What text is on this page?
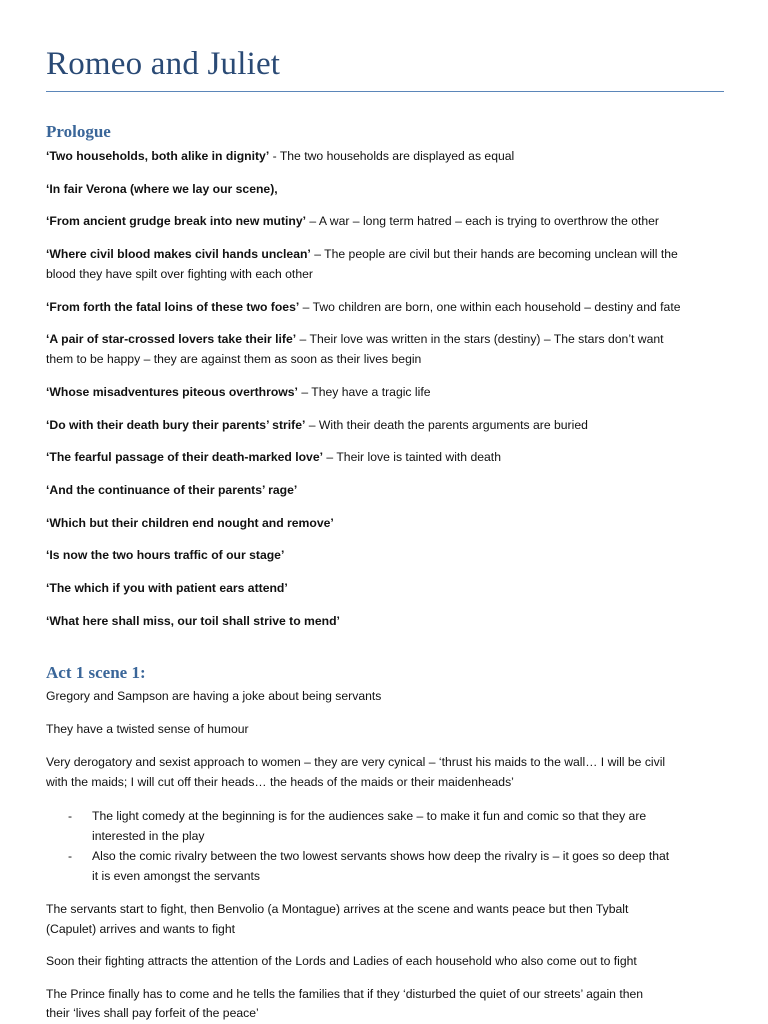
Romeo and Juliet
Prologue
‘Two households, both alike in dignity’ - The two households are displayed as equal
‘In fair Verona (where we lay our scene),
‘From ancient grudge break into new mutiny’ – A war – long term hatred – each is trying to overthrow the other
‘Where civil blood makes civil hands unclean’ – The people are civil but their hands are becoming unclean will the
blood they have spilt over fighting with each other
‘From forth the fatal loins of these two foes’ – Two children are born, one within each household – destiny and fate
‘A pair of star-crossed lovers take their life’ – Their love was written in the stars (destiny) – The stars don’t want
them to be happy – they are against them as soon as their lives begin
‘Whose misadventures piteous overthrows’ – They have a tragic life
‘Do with their death bury their parents’ strife’ – With their death the parents arguments are buried
‘The fearful passage of their death-marked love’ – Their love is tainted with death
‘And the continuance of their parents’ rage’
‘Which but their children end nought and remove’
‘Is now the two hours traffic of our stage’
‘The which if you with patient ears attend’
‘What here shall miss, our toil shall strive to mend’
Act 1 scene 1:
Gregory and Sampson are having a joke about being servants
They have a twisted sense of humour
Very derogatory and sexist approach to women – they are very cynical – ‘thrust his maids to the wall… I will be civil
with the maids; I will cut off their heads… the heads of the maids or their maidenheads’
- The light comedy at the beginning is for the audiences sake – to make it fun and comic so that they are
interested in the play
- Also the comic rivalry between the two lowest servants shows how deep the rivalry is – it goes so deep that
it is even amongst the servants
The servants start to fight, then Benvolio (a Montague) arrives at the scene and wants peace but then Tybalt
(Capulet) arrives and wants to fight
Soon their fighting attracts the attention of the Lords and Ladies of each household who also come out to fight
The Prince finally has to come and he tells the families that if they ‘disturbed the quiet of our streets’ again then
their ‘lives shall pay forfeit of the peace’
